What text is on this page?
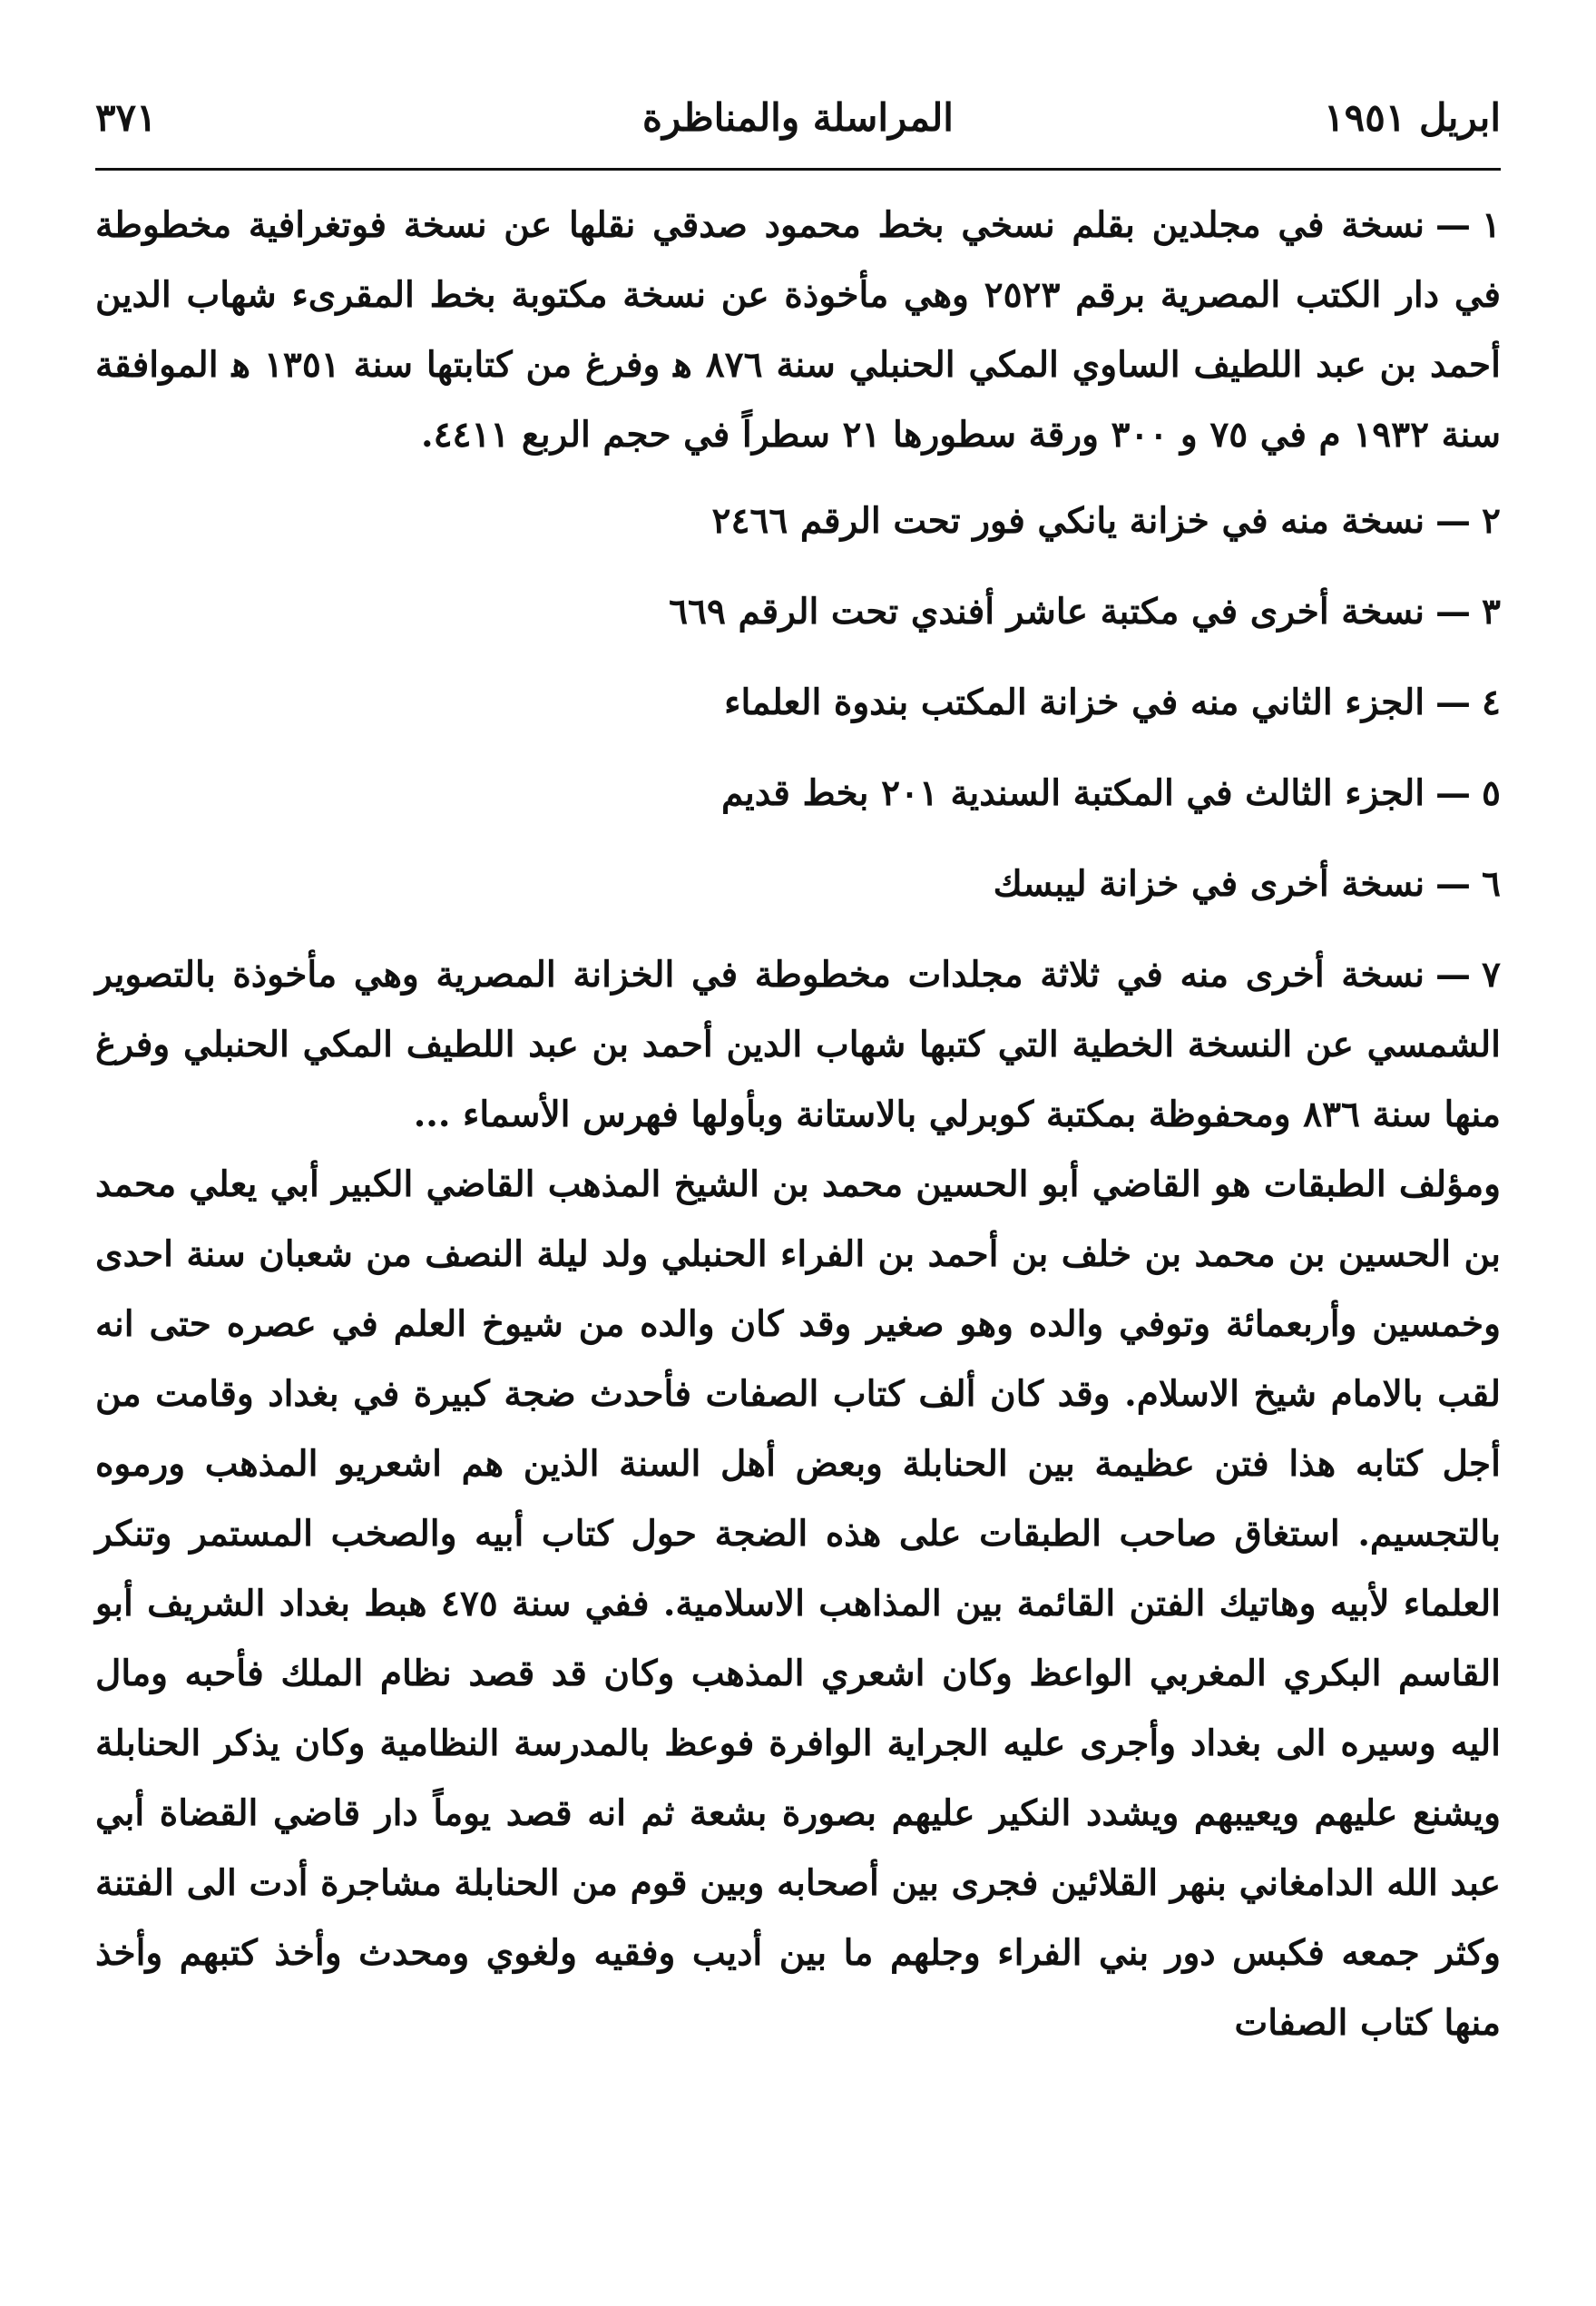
ابريل ١٩٥١
المراسلة والمناظرة
٣٧١

١—نسخة في مجلدين بقلم نسخي بخط محمود صدقي نقلها عن نسخة فوتغرافية مخطوطة في دار الكتب المصرية برقم ٢٥٢٣ وهي مأخوذة عن نسخة مكتوبة بخط المقرىء شهاب الدين أحمد بن عبد اللطيف الساوي المكي الحنبلي سنة ٨٧٦ ﻫ وفرغ من كتابتها سنة ١٣٥١ ﻫ الموافقة سنة ١٩٣٢ م في ٧٥ و ٣٠٠ ورقة سطورها ٢١ سطراً في حجم الربع ٤٤١١.

٢—نسخة منه في خزانة يانكي فور تحت الرقم ٢٤٦٦

٣—نسخة أخرى في مكتبة عاشر أفندي تحت الرقم ٦٦٩

٤—الجزء الثاني منه في خزانة المكتب بندوة العلماء

٥—الجزء الثالث في المكتبة السندية ٢٠١ بخط قديم

٦—نسخة أخرى في خزانة ليبسك

٧—نسخة أخرى منه في ثلاثة مجلدات مخطوطة في الخزانة المصرية وهي مأخوذة بالتصوير الشمسي عن النسخة الخطية التي كتبها شهاب الدين أحمد بن عبد اللطيف المكي الحنبلي وفرغ منها سنة ٨٣٦ ومحفوظة بمكتبة كوبرلي بالاستانة وبأولها فهرس الأسماء ...

ومؤلف الطبقات هو القاضي أبو الحسين محمد بن الشيخ المذهب القاضي الكبير أبي يعلي محمد بن الحسين بن محمد بن خلف بن أحمد بن الفراء الحنبلي ولد ليلة النصف من شعبان سنة احدى وخمسين وأربعمائة وتوفي والده وهو صغير وقد كان والده من شيوخ العلم في عصره حتى انه لقب بالامام شيخ الاسلام. وقد كان ألف كتاب الصفات فأحدث ضجة كبيرة في بغداد وقامت من أجل كتابه هذا فتن عظيمة بين الحنابلة وبعض أهل السنة الذين هم اشعريو المذهب ورموه بالتجسيم. استغاق صاحب الطبقات على هذه الضجة حول كتاب أبيه والصخب المستمر وتنكر العلماء لأبيه وهاتيك الفتن القائمة بين المذاهب الاسلامية. ففي سنة ٤٧٥ هبط بغداد الشريف أبو القاسم البكري المغربي الواعظ وكان اشعري المذهب وكان قد قصد نظام الملك فأحبه ومال اليه وسيره الى بغداد وأجرى عليه الجراية الوافرة فوعظ بالمدرسة النظامية وكان يذكر الحنابلة ويشنع عليهم ويعيبهم ويشدد النكير عليهم بصورة بشعة ثم انه قصد يوماً دار قاضي القضاة أبي عبد الله الدامغاني بنهر القلائين فجرى بين أصحابه وبين قوم من الحنابلة مشاجرة أدت الى الفتنة وكثر جمعه فكبس دور بني الفراء وجلهم ما بين أديب وفقيه ولغوي ومحدث وأخذ كتبهم وأخذ منها كتاب الصفات
